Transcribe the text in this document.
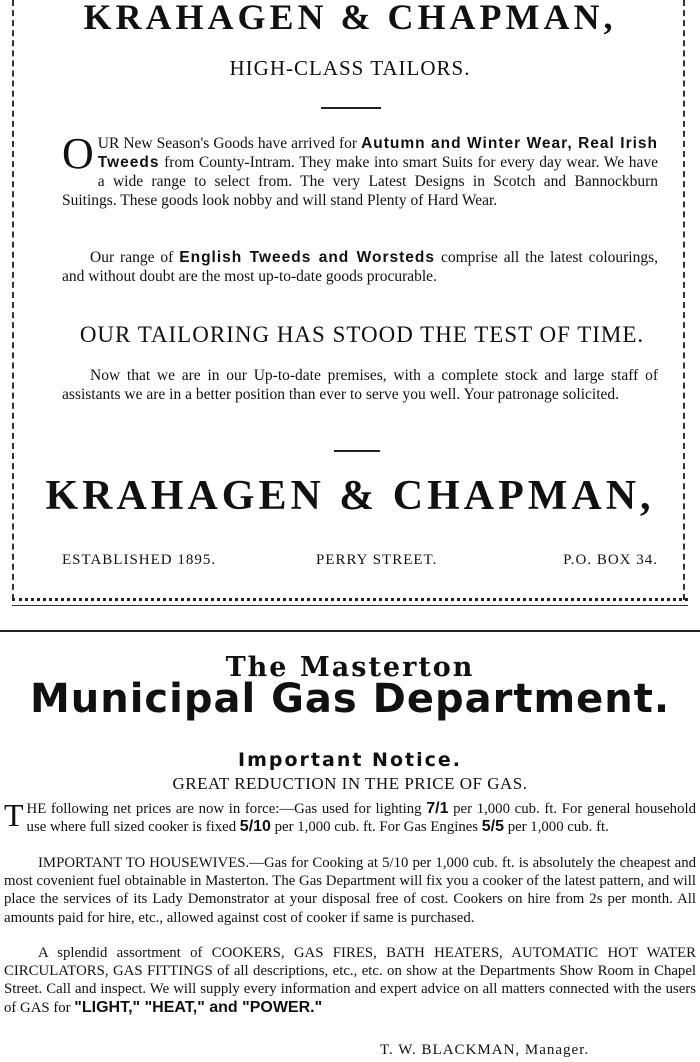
KRAHAGEN & CHAPMAN,
HIGH-CLASS TAILORS.
OUR New Season's Goods have arrived for Autumn and Winter Wear, Real Irish Tweeds from County-Intram. They make into smart Suits for every day wear. We have a wide range to select from. The very Latest Designs in Scotch and Bannockburn Suitings. These goods look nobby and will stand Plenty of Hard Wear.
Our range of English Tweeds and Worsteds comprise all the latest colourings, and without doubt are the most up-to-date goods procurable.
OUR TAILORING HAS STOOD THE TEST OF TIME.
Now that we are in our Up-to-date premises, with a complete stock and large staff of assistants we are in a better position than ever to serve you well. Your patronage solicited.
KRAHAGEN & CHAPMAN,
ESTABLISHED 1895.	PERRY STREET.	P.O. BOX 34.
The Masterton
Municipal Gas Department.
Important Notice.
GREAT REDUCTION IN THE PRICE OF GAS.
THE following net prices are now in force:—Gas used for lighting 7/1 per 1,000 cub. ft. For general household use where full sized cooker is fixed 5/10 per 1,000 cub. ft. For Gas Engines 5/5 per 1,000 cub. ft.
IMPORTANT TO HOUSEWIVES.—Gas for Cooking at 5/10 per 1,000 cub. ft. is absolutely the cheapest and most covenient fuel obtainable in Masterton. The Gas Department will fix you a cooker of the latest pattern, and will place the services of its Lady Demonstrator at your disposal free of cost. Cookers on hire from 2s per month. All amounts paid for hire, etc., allowed against cost of cooker if same is purchased.
A splendid assortment of COOKERS, GAS FIRES, BATH HEATERS, AUTOMATIC HOT WATER CIRCULATORS, GAS FITTINGS of all descriptions, etc., etc. on show at the Departments Show Room in Chapel Street. Call and inspect. We will supply every information and expert advice on all matters connected with the users of GAS for "LIGHT," "HEAT," and "POWER."
T. W. BLACKMAN, Manager.
